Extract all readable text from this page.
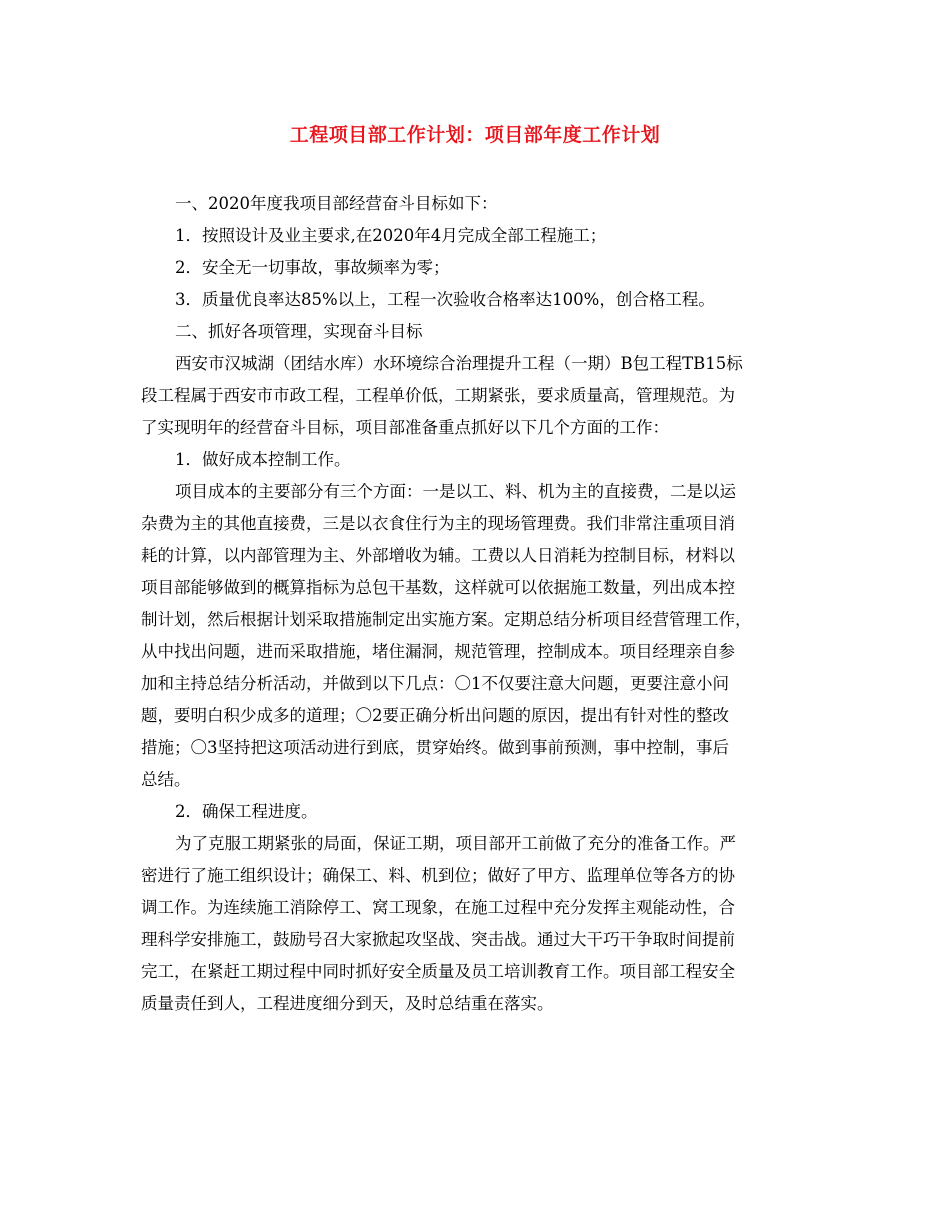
工程项目部工作计划：项目部年度工作计划
一、2020年度我项目部经营奋斗目标如下：
1．按照设计及业主要求,在2020年4月完成全部工程施工；
2．安全无一切事故，事故频率为零；
3．质量优良率达85%以上，工程一次验收合格率达100%，创合格工程。
二、抓好各项管理，实现奋斗目标
西安市汉城湖（团结水库）水环境综合治理提升工程（一期）B包工程TB15标
段工程属于西安市市政工程，工程单价低，工期紧张，要求质量高，管理规范。为
了实现明年的经营奋斗目标，项目部准备重点抓好以下几个方面的工作：
1．做好成本控制工作。
项目成本的主要部分有三个方面：一是以工、料、机为主的直接费，二是以运
杂费为主的其他直接费，三是以衣食住行为主的现场管理费。我们非常注重项目消
耗的计算，以内部管理为主、外部增收为辅。工费以人日消耗为控制目标，材料以
项目部能够做到的概算指标为总包干基数，这样就可以依据施工数量，列出成本控
制计划，然后根据计划采取措施制定出实施方案。定期总结分析项目经营管理工作，
从中找出问题，进而采取措施，堵住漏洞，规范管理，控制成本。项目经理亲自参
加和主持总结分析活动，并做到以下几点：〇1不仅要注意大问题，更要注意小问
题，要明白积少成多的道理；〇2要正确分析出问题的原因，提出有针对性的整改
措施；〇3坚持把这项活动进行到底，贯穿始终。做到事前预测，事中控制，事后
总结。
2．确保工程进度。
为了克服工期紧张的局面，保证工期，项目部开工前做了充分的准备工作。严
密进行了施工组织设计；确保工、料、机到位；做好了甲方、监理单位等各方的协
调工作。为连续施工消除停工、窝工现象，在施工过程中充分发挥主观能动性，合
理科学安排施工，鼓励号召大家掀起攻坚战、突击战。通过大干巧干争取时间提前
完工，在紧赶工期过程中同时抓好安全质量及员工培训教育工作。项目部工程安全
质量责任到人，工程进度细分到天，及时总结重在落实。
